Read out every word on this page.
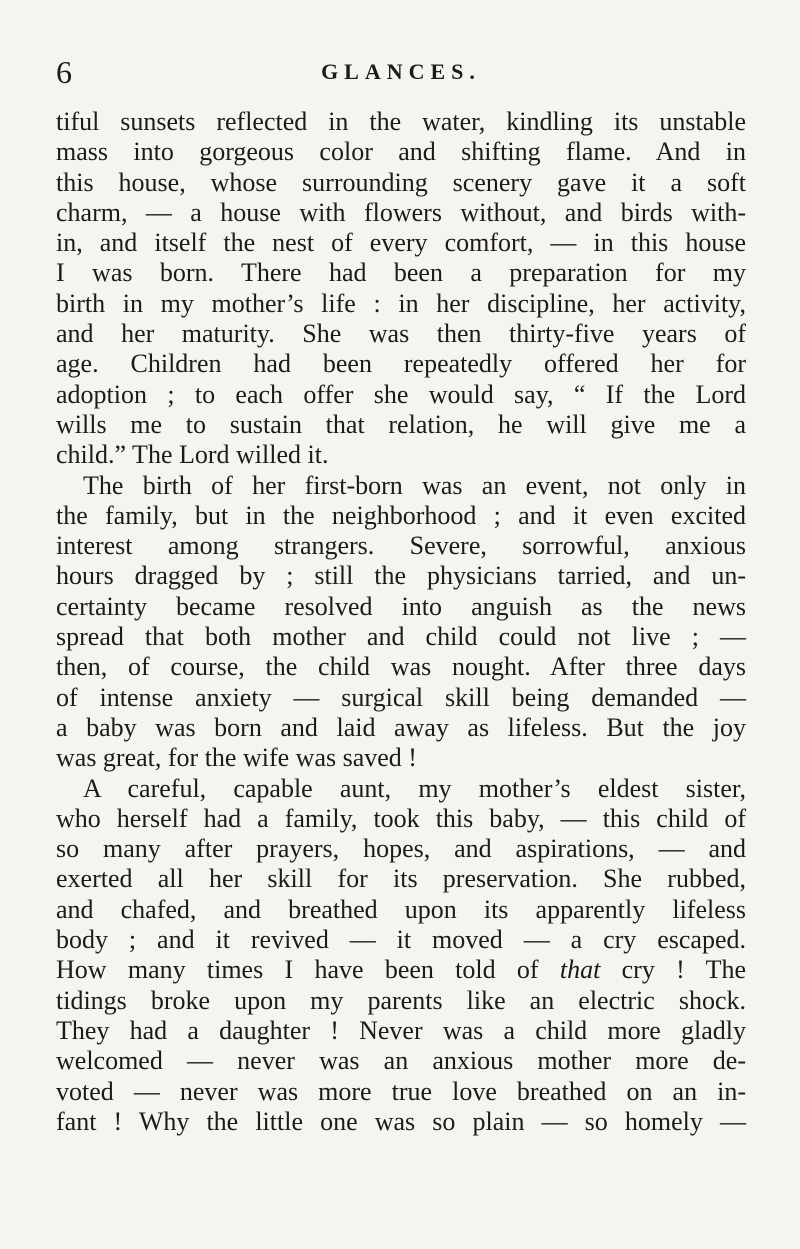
6	GLANCES.
tiful sunsets reflected in the water, kindling its unstable
mass into gorgeous color and shifting flame. And in
this house, whose surrounding scenery gave it a soft
charm, — a house with flowers without, and birds with-
in, and itself the nest of every comfort, — in this house
I was born. There had been a preparation for my
birth in my mother’s life : in her discipline, her activity,
and her maturity. She was then thirty-five years of
age. Children had been repeatedly offered her for
adoption ; to each offer she would say, “ If the Lord
wills me to sustain that relation, he will give me a
child.” The Lord willed it.
The birth of her first-born was an event, not only in
the family, but in the neighborhood ; and it even excited
interest among strangers. Severe, sorrowful, anxious
hours dragged by ; still the physicians tarried, and un-
certainty became resolved into anguish as the news
spread that both mother and child could not live ; —
then, of course, the child was nought. After three days
of intense anxiety — surgical skill being demanded —
a baby was born and laid away as lifeless. But the joy
was great, for the wife was saved !
A careful, capable aunt, my mother’s eldest sister,
who herself had a family, took this baby, — this child of
so many after prayers, hopes, and aspirations, — and
exerted all her skill for its preservation. She rubbed,
and chafed, and breathed upon its apparently lifeless
body ; and it revived — it moved — a cry escaped.
How many times I have been told of that cry ! The
tidings broke upon my parents like an electric shock.
They had a daughter ! Never was a child more gladly
welcomed — never was an anxious mother more de-
voted — never was more true love breathed on an in-
fant ! Why the little one was so plain — so homely —
